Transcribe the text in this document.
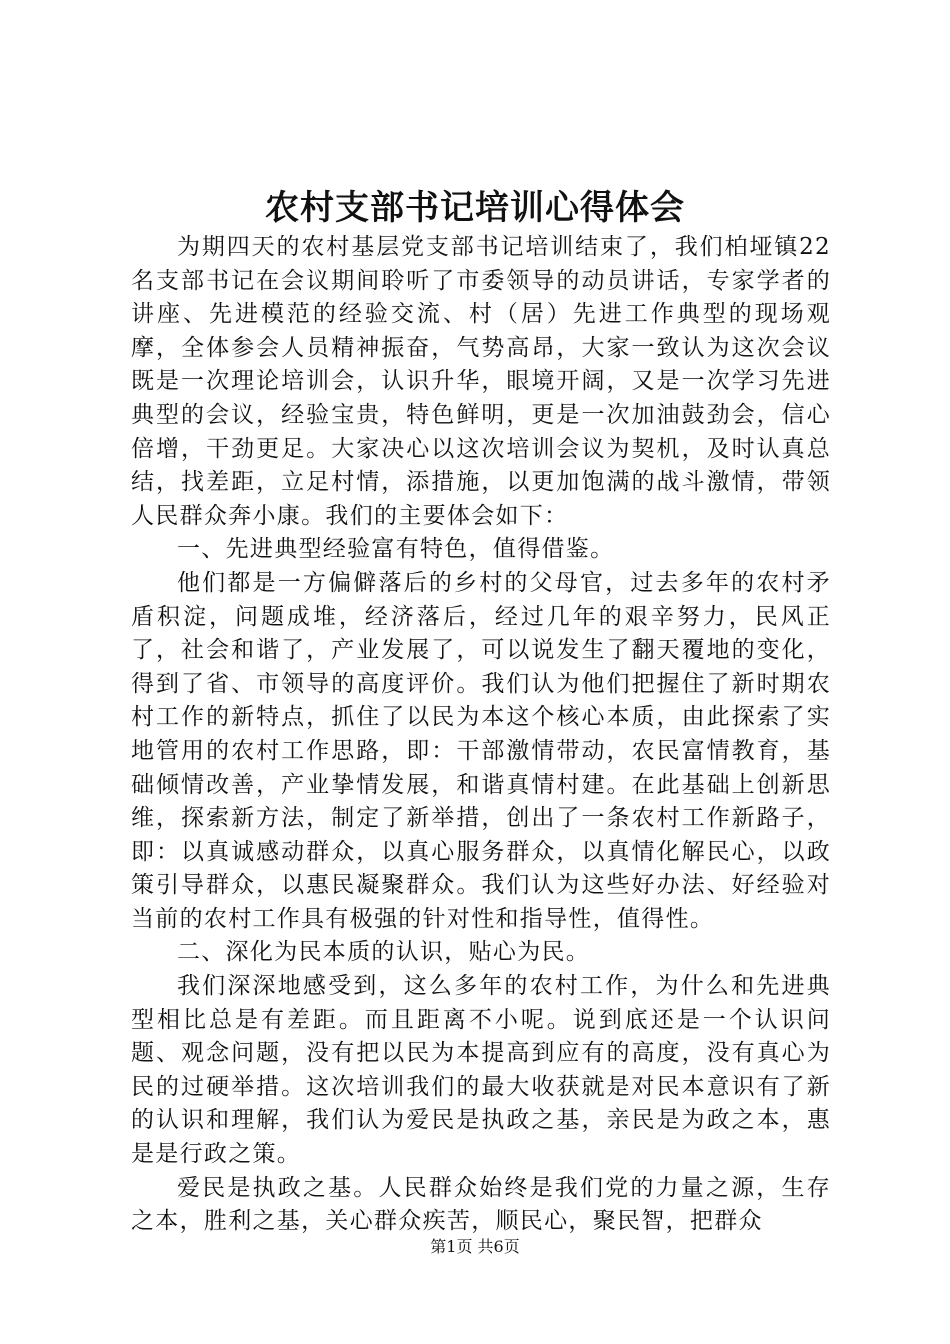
农村支部书记培训心得体会

为期四天的农村基层党支部书记培训结束了，我们柏垭镇22名支部书记在会议期间聆听了市委领导的动员讲话，专家学者的讲座、先进模范的经验交流、村（居）先进工作典型的现场观摩，全体参会人员精神振奋，气势高昂，大家一致认为这次会议既是一次理论培训会，认识升华，眼境开阔，又是一次学习先进典型的会议，经验宝贵，特色鲜明，更是一次加油鼓劲会，信心倍增，干劲更足。大家决心以这次培训会议为契机，及时认真总结，找差距，立足村情，添措施，以更加饱满的战斗激情，带领人民群众奔小康。我们的主要体会如下：

一、先进典型经验富有特色，值得借鉴。

他们都是一方偏僻落后的乡村的父母官，过去多年的农村矛盾积淀，问题成堆，经济落后，经过几年的艰辛努力，民风正了，社会和谐了，产业发展了，可以说发生了翻天覆地的变化，得到了省、市领导的高度评价。我们认为他们把握住了新时期农村工作的新特点，抓住了以民为本这个核心本质，由此探索了实地管用的农村工作思路，即：干部激情带动，农民富情教育，基础倾情改善，产业挚情发展，和谐真情村建。在此基础上创新思维，探索新方法，制定了新举措，创出了一条农村工作新路子，即：以真诚感动群众，以真心服务群众，以真情化解民心，以政策引导群众，以惠民凝聚群众。我们认为这些好办法、好经验对当前的农村工作具有极强的针对性和指导性，值得性。

二、深化为民本质的认识，贴心为民。

我们深深地感受到，这么多年的农村工作，为什么和先进典型相比总是有差距。而且距离不小呢。说到底还是一个认识问题、观念问题，没有把以民为本提高到应有的高度，没有真心为民的过硬举措。这次培训我们的最大收获就是对民本意识有了新的认识和理解，我们认为爱民是执政之基，亲民是为政之本，惠是是行政之策。

爱民是执政之基。人民群众始终是我们党的力量之源，生存之本，胜利之基，关心群众疾苦，顺民心，聚民智，把群众

第1页 共6页
